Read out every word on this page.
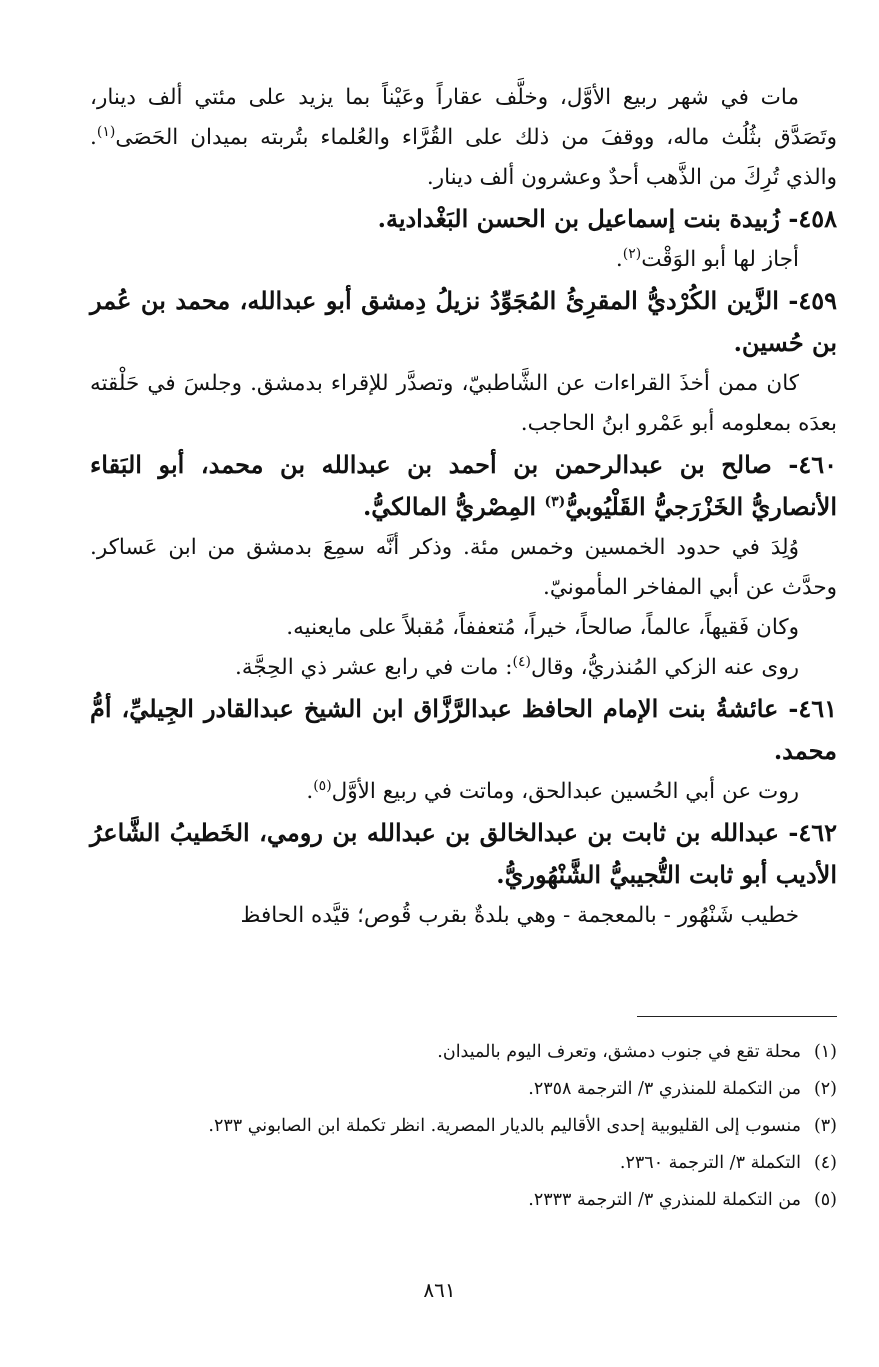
مات في شهر ربيع الأوَّل، وخلَّف عقاراً وعَيْناً بما يزيد على مئتي ألف دينار، وتَصَدَّق بثُلُث ماله، ووقفَ من ذلك على القُرَّاء والعُلماء بتُربته بميدان الحَصَى$^{(١)}$. والذي تُرِكَ من الذَّهب أحدٌ وعشرون ألف دينار.

٤٥٨- زُبيدة بنت إسماعيل بن الحسن البَغْدادية.

أجاز لها أبو الوَقْت$^{(٢)}$.

٤٥٩- الزَّين الكُرْديُّ المقرِئُ المُجَوِّدُ نزيلُ دِمشق أبو عبدالله، محمد بن عُمر بن حُسين.

كان ممن أخذَ القراءات عن الشَّاطبيّ، وتصدَّر للإقراء بدمشق. وجلسَ في حَلْقته بعدَه بمعلومه أبو عَمْرو ابنُ الحاجب.

٤٦٠- صالح بن عبدالرحمن بن أحمد بن عبدالله بن محمد، أبو البَقاء الأنصاريُّ الخَزْرَجيُّ القَلْيُوبيُّ$^{(٣)}$ المِصْريُّ المالكيُّ.

وُلِدَ في حدود الخمسين وخمس مئة. وذكر أنَّه سمِعَ بدمشق من ابن عَساكر. وحدَّث عن أبي المفاخر المأمونيّ.

وكان فَقيهاً، عالماً، صالحاً، خيراً، مُتعففاً، مُقبلاً على مايعنيه.

روى عنه الزكي المُنذريُّ، وقال$^{(٤)}$: مات في رابع عشر ذي الحِجَّة.

٤٦١- عائشةُ بنت الإمام الحافظ عبدالرَّزَّاق ابن الشيخ عبدالقادر الجِيليِّ، أمُّ محمد.

روت عن أبي الحُسين عبدالحق، وماتت في ربيع الأوَّل$^{(٥)}$.

٤٦٢- عبدالله بن ثابت بن عبدالخالق بن عبدالله بن رومي، الخَطيبُ الشَّاعرُ الأديب أبو ثابت التُّجيبيُّ الشَّنْهُوريُّ.

خطيب شَنْهُور - بالمعجمة - وهي بلدةٌ بقرب قُوص؛ قيَّده الحافظ

(١)
محلة تقع في جنوب دمشق، وتعرف اليوم بالميدان.
(٢)
من التكملة للمنذري ٣/ الترجمة ٢٣٥٨.
(٣)
منسوب إلى القليوبية إحدى الأقاليم بالديار المصرية. انظر تكملة ابن الصابوني ٢٣٣.
(٤)
التكملة ٣/ الترجمة ٢٣٦٠.
(٥)
من التكملة للمنذري ٣/ الترجمة ٢٣٣٣.
٨٦١
